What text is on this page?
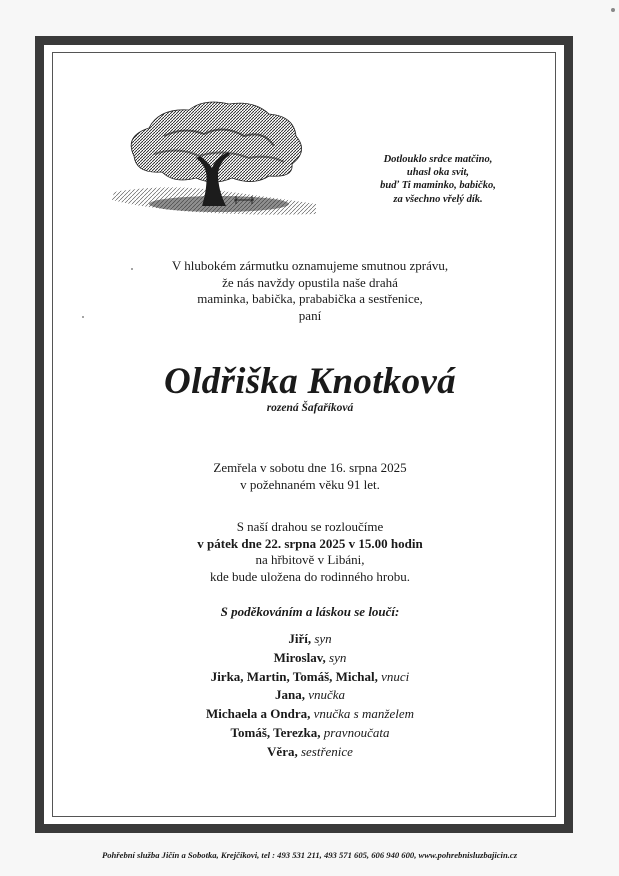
Dotlouklo srdce matčino,
uhasl oka svit,
buď Ti maminko, babičko,
za všechno vřelý dík.
V hlubokém zármutku oznamujeme smutnou zprávu,
že nás navždy opustila naše drahá
maminka, babička, prababička a sestřenice,
paní
Oldřiška Knotková
rozená Šafaříková
Zemřela v sobotu dne 16. srpna 2025
v požehnaném věku 91 let.
S naší drahou se rozloučíme
v pátek dne 22. srpna 2025 v 15.00 hodin
na hřbitově v Libáni,
kde bude uložena do rodinného hrobu.
S poděkováním a láskou se loučí:
Jiří, syn
Miroslav, syn
Jirka, Martin, Tomáš, Michal, vnuci
Jana, vnučka
Michaela a Ondra, vnučka s manželem
Tomáš, Terezka, pravnoučata
Věra, sestřenice
Pohřební služba Jičín a Sobotka, Krejčíkovi, tel : 493 531 211, 493 571 605, 606 940 600, www.pohrebnisluzbajicin.cz
